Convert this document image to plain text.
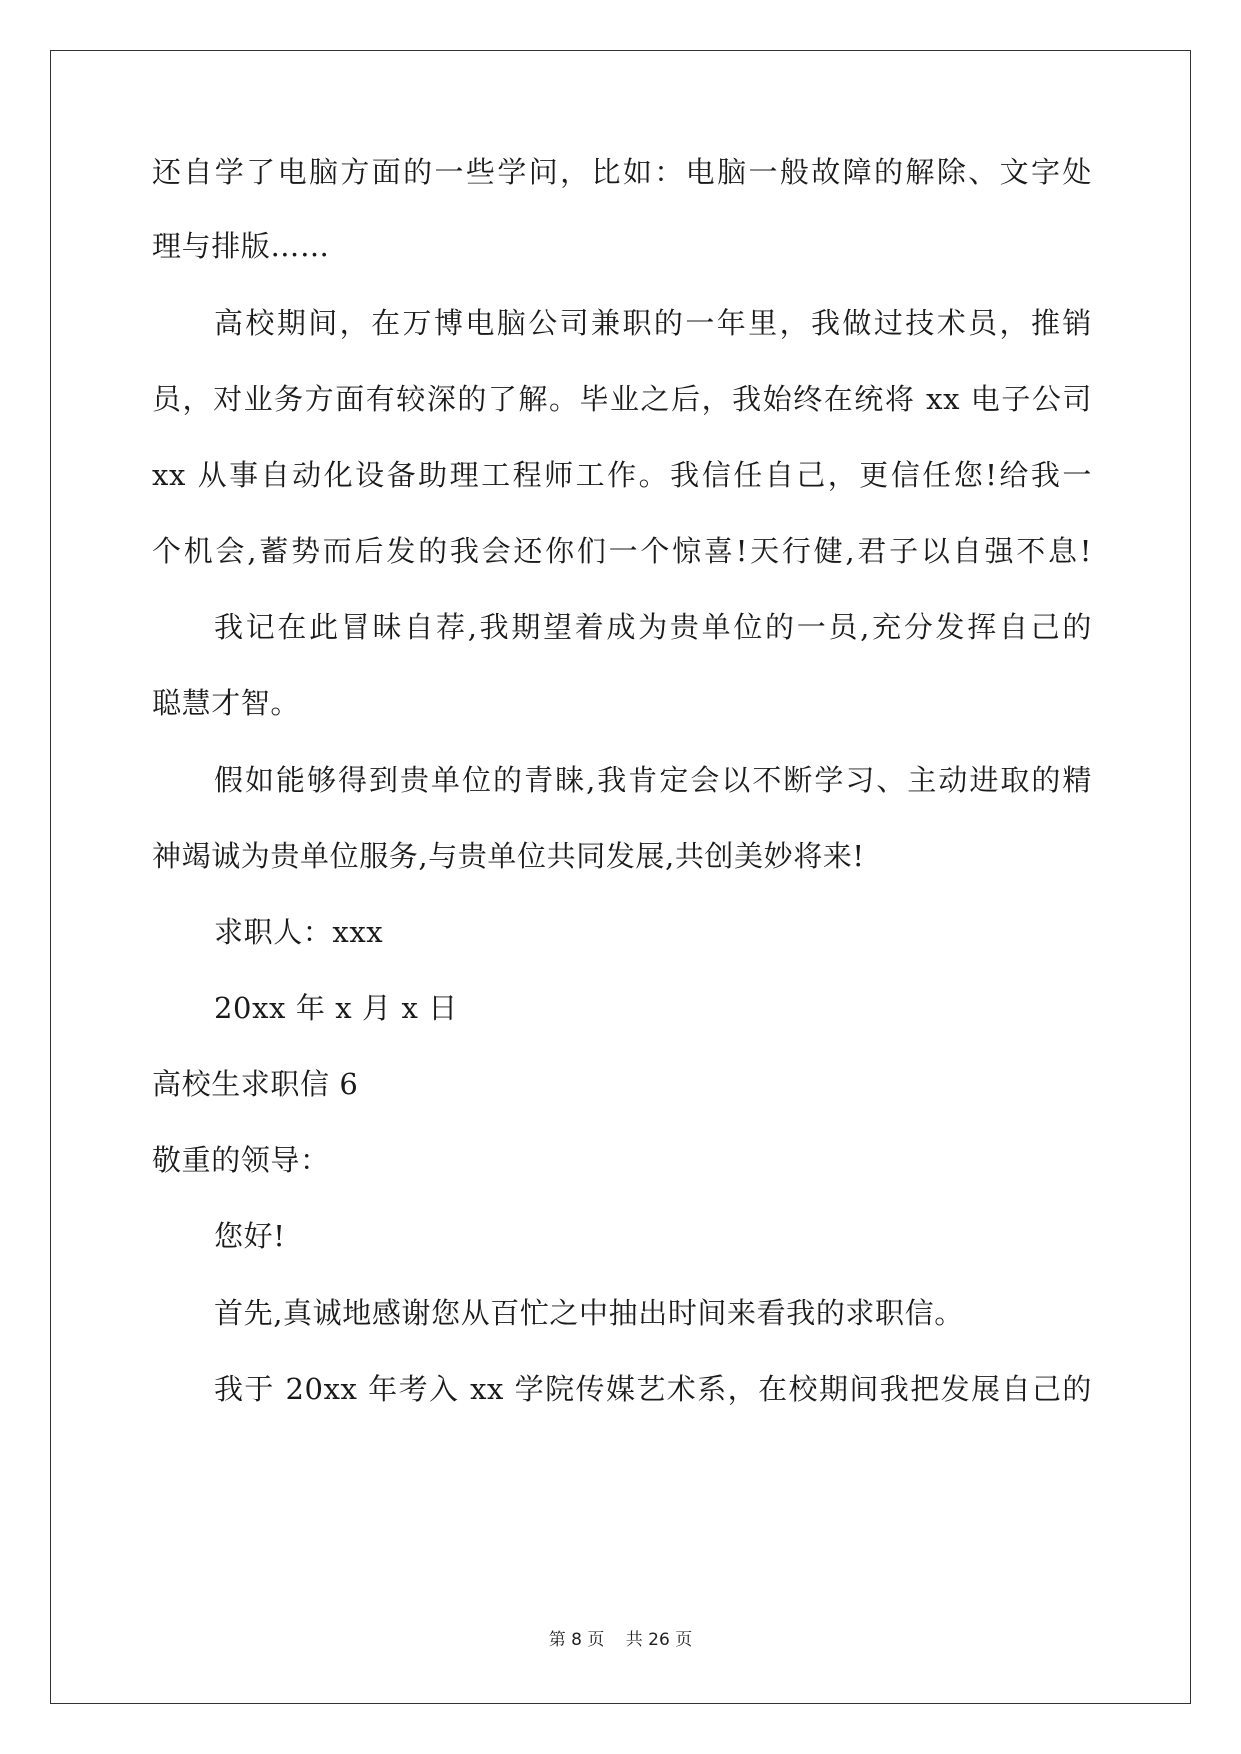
还自学了电脑方面的一些学问，比如：电脑一般故障的解除、文字处
理与排版……
高校期间，在万博电脑公司兼职的一年里，我做过技术员，推销
员，对业务方面有较深的了解。毕业之后，我始终在统将 xx 电子公司
xx 从事自动化设备助理工程师工作。我信任自己，更信任您!给我一
个机会,蓄势而后发的我会还你们一个惊喜!天行健,君子以自强不息!
我记在此冒昧自荐,我期望着成为贵单位的一员,充分发挥自己的
聪慧才智。
假如能够得到贵单位的青睐,我肯定会以不断学习、主动进取的精
神竭诚为贵单位服务,与贵单位共同发展,共创美妙将来!
求职人：xxx
20xx 年 x 月 x 日
高校生求职信 6
敬重的领导：
您好!
首先,真诚地感谢您从百忙之中抽出时间来看我的求职信。
我于 20xx 年考入 xx 学院传媒艺术系，在校期间我把发展自己的
第 8 页 共 26 页
